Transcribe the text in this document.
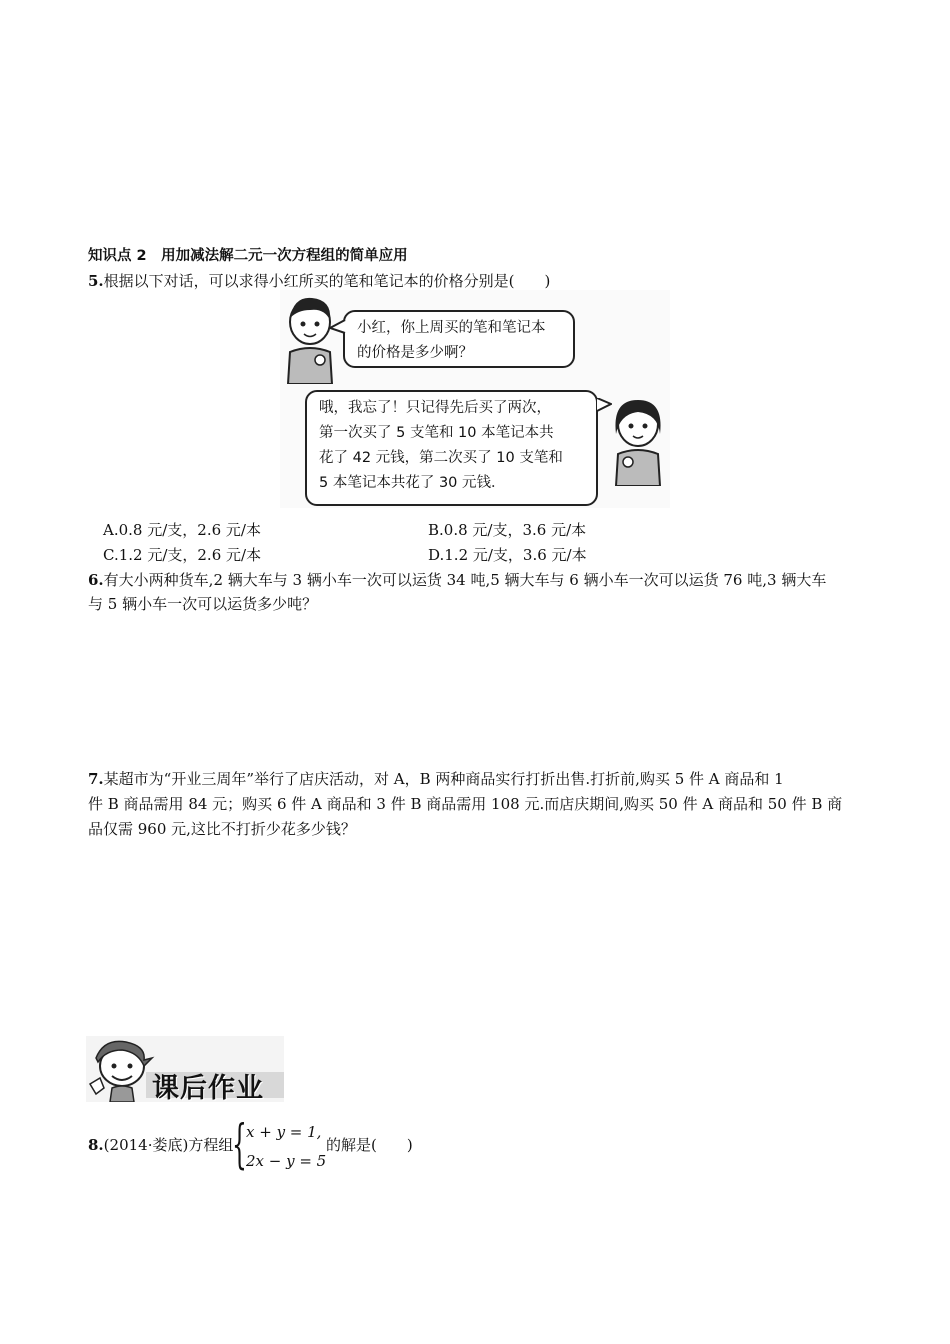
知识点 2　用加减法解二元一次方程组的简单应用
5.根据以下对话，可以求得小红所买的笔和笔记本的价格分别是(　　)
小红，你上周买的笔和笔记本
的价格是多少啊？
哦，我忘了！只记得先后买了两次，
第一次买了 5 支笔和 10 本笔记本共
花了 42 元钱，第二次买了 10 支笔和
5 本笔记本共花了 30 元钱．
A.0.8 元/支，2.6 元/本	B.0.8 元/支，3.6 元/本
C.1.2 元/支，2.6 元/本	D.1.2 元/支，3.6 元/本
6.有大小两种货车,2 辆大车与 3 辆小车一次可以运货 34 吨,5 辆大车与 6 辆小车一次可以运货 76 吨,3 辆大车
与 5 辆小车一次可以运货多少吨？
7.某超市为“开业三周年”举行了店庆活动，对 A，B 两种商品实行打折出售.打折前,购买 5 件 A 商品和 1
件 B 商品需用 84 元；购买 6 件 A 商品和 3 件 B 商品需用 108 元.而店庆期间,购买 50 件 A 商品和 50 件 B 商
品仅需 960 元,这比不打折少花多少钱？
课后作业
8.(2014·娄底)方程组
{ x + y = 1,
2x − y = 5
的解是(　　)
